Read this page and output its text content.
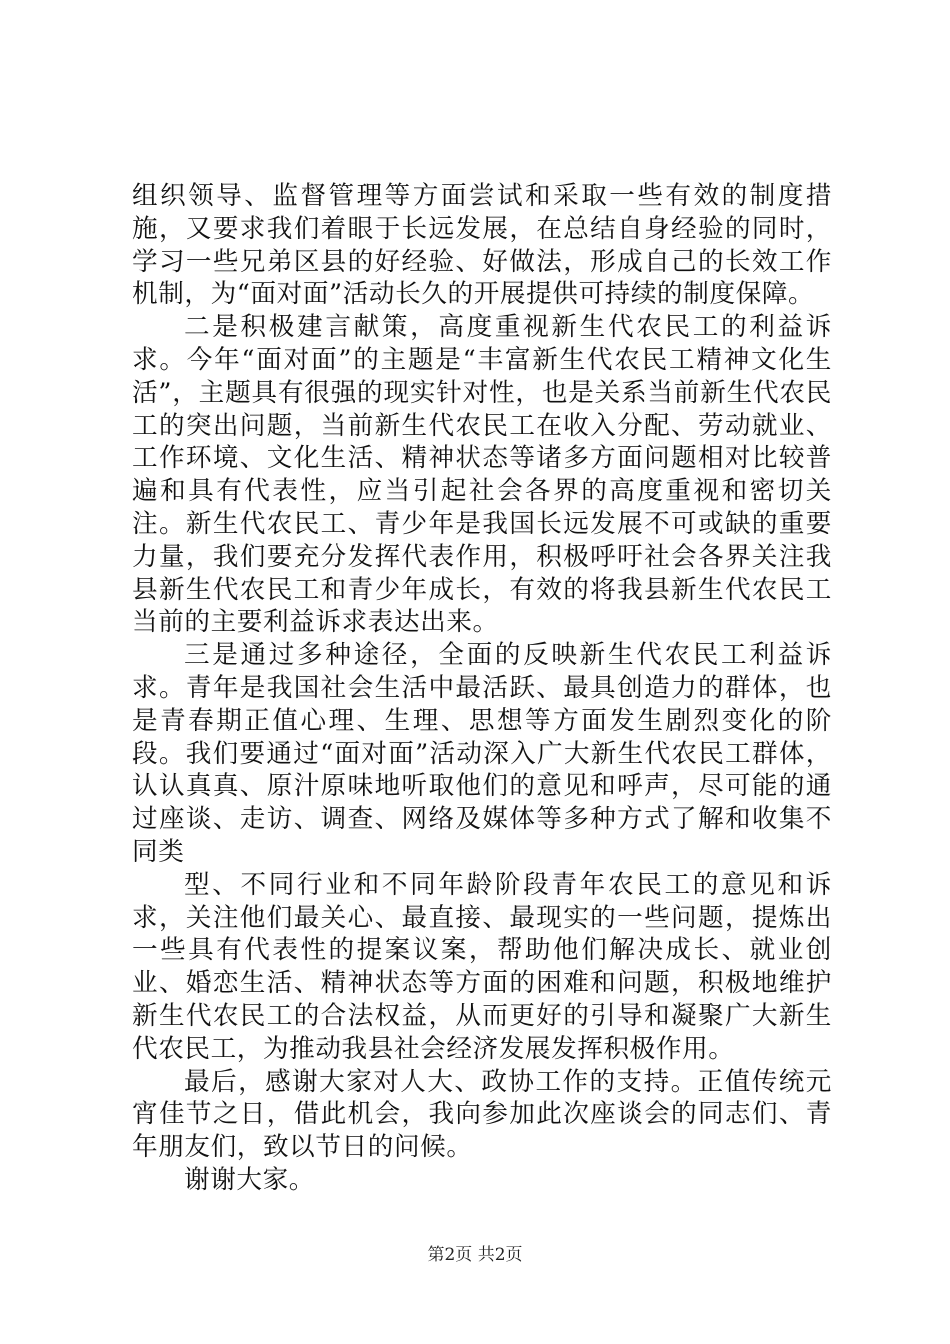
组织领导、监督管理等方面尝试和采取一些有效的制度措施，又要求我们着眼于长远发展，在总结自身经验的同时，学习一些兄弟区县的好经验、好做法，形成自己的长效工作机制，为“面对面”活动长久的开展提供可持续的制度保障。

二是积极建言献策，高度重视新生代农民工的利益诉求。今年“面对面”的主题是“丰富新生代农民工精神文化生活”，主题具有很强的现实针对性，也是关系当前新生代农民工的突出问题，当前新生代农民工在收入分配、劳动就业、工作环境、文化生活、精神状态等诸多方面问题相对比较普遍和具有代表性，应当引起社会各界的高度重视和密切关注。新生代农民工、青少年是我国长远发展不可或缺的重要力量，我们要充分发挥代表作用，积极呼吁社会各界关注我县新生代农民工和青少年成长，有效的将我县新生代农民工当前的主要利益诉求表达出来。

三是通过多种途径，全面的反映新生代农民工利益诉求。青年是我国社会生活中最活跃、最具创造力的群体，也是青春期正值心理、生理、思想等方面发生剧烈变化的阶段。我们要通过“面对面”活动深入广大新生代农民工群体，认认真真、原汁原味地听取他们的意见和呼声，尽可能的通过座谈、走访、调查、网络及媒体等多种方式了解和收集不同类

型、不同行业和不同年龄阶段青年农民工的意见和诉求，关注他们最关心、最直接、最现实的一些问题，提炼出一些具有代表性的提案议案，帮助他们解决成长、就业创业、婚恋生活、精神状态等方面的困难和问题，积极地维护新生代农民工的合法权益，从而更好的引导和凝聚广大新生代农民工，为推动我县社会经济发展发挥积极作用。

最后，感谢大家对人大、政协工作的支持。正值传统元宵佳节之日，借此机会，我向参加此次座谈会的同志们、青年朋友们，致以节日的问候。

谢谢大家。

第2页 共2页
